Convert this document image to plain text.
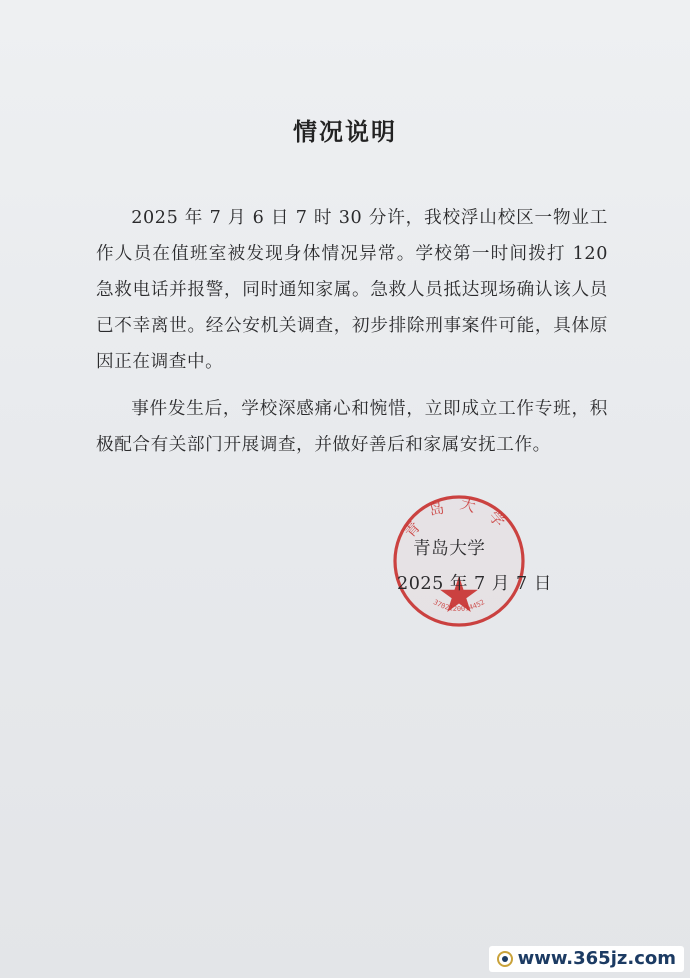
情况说明
2025 年 7 月 6 日 7 时 30 分许，我校浮山校区一物业工作人员在值班室被发现身体情况异常。学校第一时间拨打 120 急救电话并报警，同时通知家属。急救人员抵达现场确认该人员已不幸离世。经公安机关调查，初步排除刑事案件可能，具体原因正在调查中。
事件发生后，学校深感痛心和惋惜，立即成立工作专班，积极配合有关部门开展调查，并做好善后和家属安抚工作。
青岛大学
3702120014452
青岛大学
2025 年 7 月 7 日
www.365jz.com
